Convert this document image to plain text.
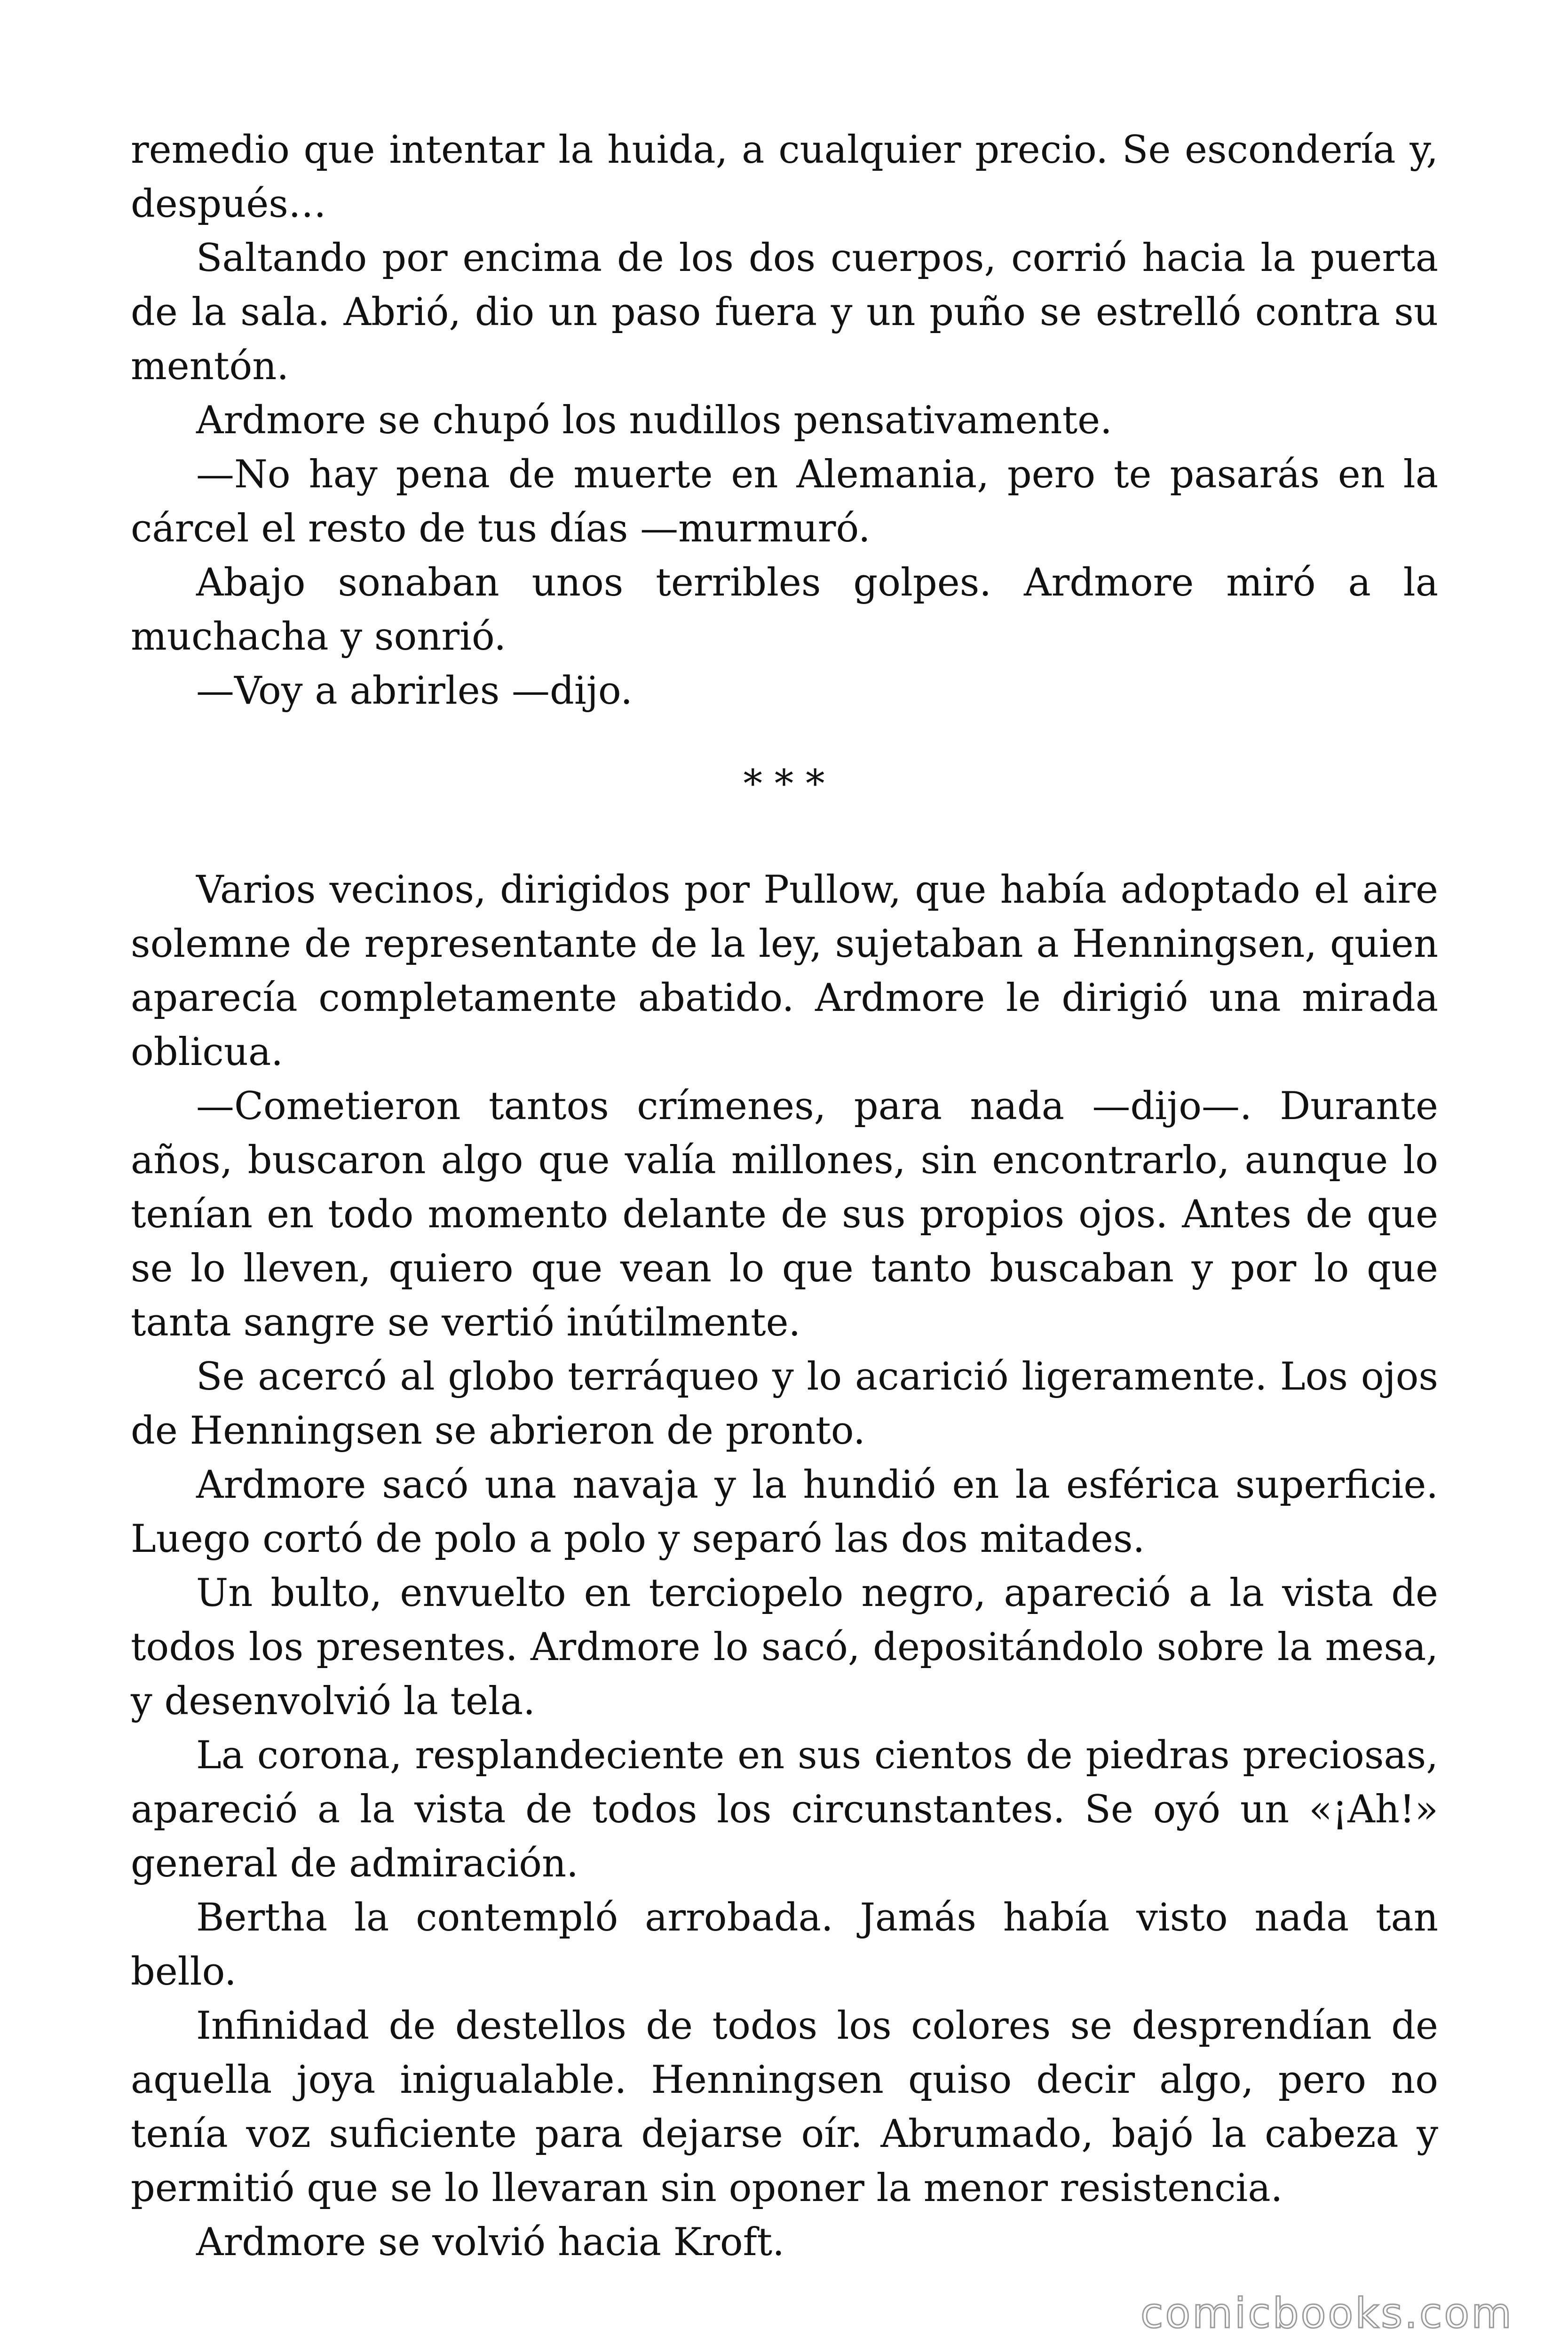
remedio que intentar la huida, a cualquier precio. Se escondería y, después…

Saltando por encima de los dos cuerpos, corrió hacia la puerta de la sala. Abrió, dio un paso fuera y un puño se estrelló contra su mentón.

Ardmore se chupó los nudillos pensativamente.

—No hay pena de muerte en Alemania, pero te pasarás en la cárcel el resto de tus días —murmuró.

Abajo sonaban unos terribles golpes. Ardmore miró a la muchacha y sonrió.

—Voy a abrirles —dijo.

* * *

Varios vecinos, dirigidos por Pullow, que había adoptado el aire solemne de representante de la ley, sujetaban a Henningsen, quien aparecía completamente abatido. Ardmore le dirigió una mirada oblicua.

—Cometieron tantos crímenes, para nada —dijo—. Durante años, buscaron algo que valía millones, sin encontrarlo, aunque lo tenían en todo momento delante de sus propios ojos. Antes de que se lo lleven, quiero que vean lo que tanto buscaban y por lo que tanta sangre se vertió inútilmente.

Se acercó al globo terráqueo y lo acarició ligeramente. Los ojos de Henningsen se abrieron de pronto.

Ardmore sacó una navaja y la hundió en la esférica superficie. Luego cortó de polo a polo y separó las dos mitades.

Un bulto, envuelto en terciopelo negro, apareció a la vista de todos los presentes. Ardmore lo sacó, depositándolo sobre la mesa, y desenvolvió la tela.

La corona, resplandeciente en sus cientos de piedras preciosas, apareció a la vista de todos los circunstantes. Se oyó un «¡Ah!» general de admiración.

Bertha la contempló arrobada. Jamás había visto nada tan bello.

Infinidad de destellos de todos los colores se desprendían de aquella joya inigualable. Henningsen quiso decir algo, pero no tenía voz suficiente para dejarse oír. Abrumado, bajó la cabeza y permitió que se lo llevaran sin oponer la menor resistencia.

Ardmore se volvió hacia Kroft.

comicbooks.com
